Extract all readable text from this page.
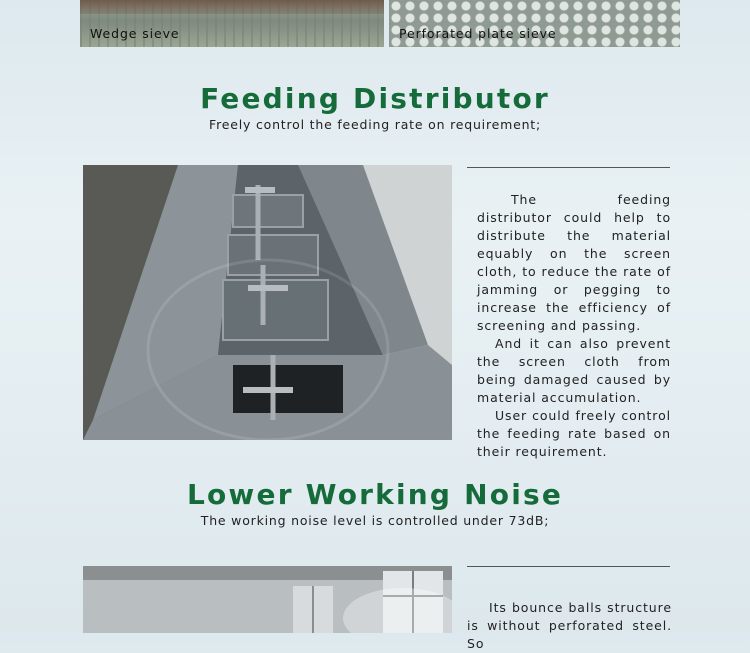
Wedge sieve	Perforated plate sieve
Feeding Distributor
Freely control the feeding rate on requirement;

The feeding distributor could help to distribute the material equably on the screen cloth, to reduce the rate of jamming or pegging to increase the efficiency of screening and passing.

And it can also prevent the screen cloth from being damaged caused by material accumulation.

User could freely control the feeding rate based on their requirement.

Lower Working Noise
The working noise level is controlled under 73dB;

Its bounce balls structure is without perforated steel. So
